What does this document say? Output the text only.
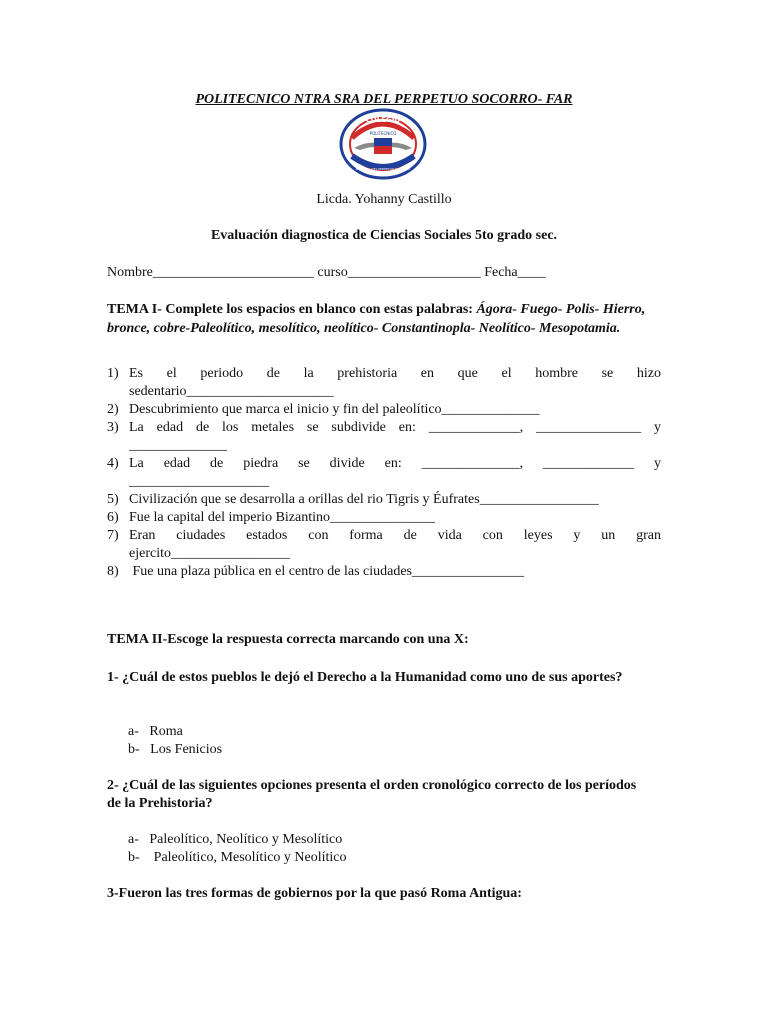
POLITECNICO NTRA SRA DEL PERPETUO SOCORRO- FAR
COLEGIO
POLITECNICO
NTRA SRA DEL PERPETUO SOCORRO
Licda. Yohanny Castillo
Evaluación diagnostica de Ciencias Sociales 5to grado sec.
Nombre_______________________ curso___________________ Fecha____
TEMA I- Complete los espacios en blanco con estas palabras: Ágora- Fuego- Polis- Hierro, bronce, cobre-Paleolítico, mesolítico, neolítico- Constantinopla- Neolítico- Mesopotamia.
1) Es el periodo de la prehistoria en que el hombre se hizo
sedentario_____________________
2) Descubrimiento que marca el inicio y fin del paleolítico______________
3) La edad de los metales se subdivide en: _____________, _______________ y
______________
4) La edad de piedra se divide en: ______________, _____________ y
____________________
5) Civilización que se desarrolla a orillas del rio Tigris y Éufrates_________________
6) Fue la capital del imperio Bizantino_______________
7) Eran ciudades estados con forma de vida con leyes y un gran
ejercito_________________
8) Fue una plaza pública en el centro de las ciudades________________
TEMA II-Escoge la respuesta correcta marcando con una X:
1- ¿Cuál de estos pueblos le dejó el Derecho a la Humanidad como uno de sus aportes?
a-   Roma
b-   Los Fenicios
2- ¿Cuál de las siguientes opciones presenta el orden cronológico correcto de los períodos de la Prehistoria?
a-   Paleolítico, Neolítico y Mesolítico
b-    Paleolítico, Mesolítico y Neolítico
3-Fueron las tres formas de gobiernos por la que pasó Roma Antigua:
